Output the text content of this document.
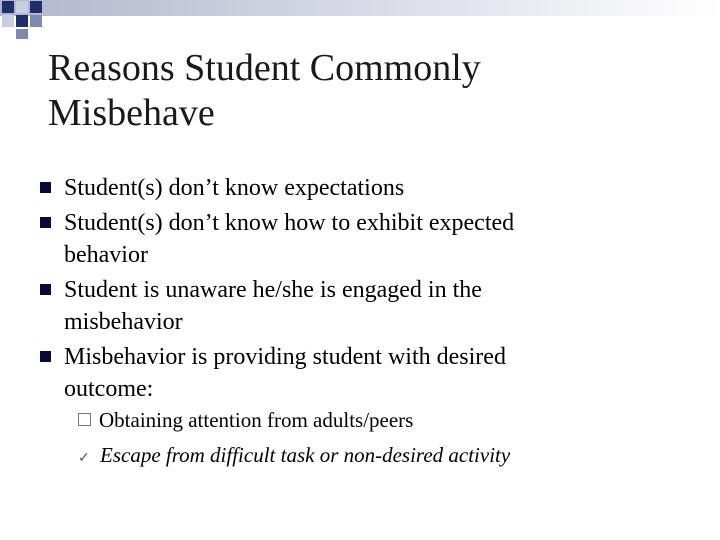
Reasons Student Commonly
Misbehave
Student(s) don’t know expectations
Student(s) don’t know how to exhibit expected
behavior
Student is unaware he/she is engaged in the
misbehavior
Misbehavior is providing student with desired
outcome:
Obtaining attention from adults/peers
✓ Escape from difficult task or non-desired activity
